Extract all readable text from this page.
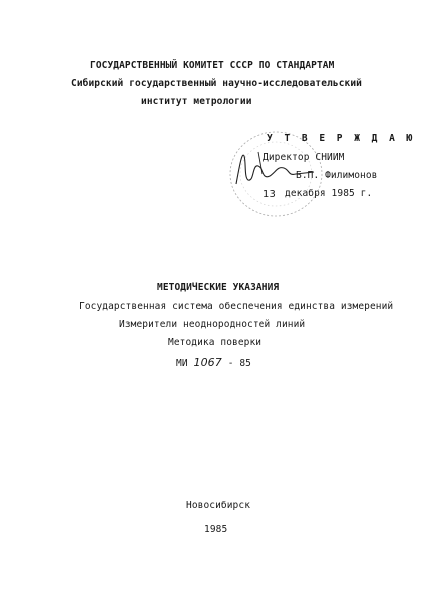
ГОСУДАРСТВЕННЫЙ КОМИТЕТ СССР ПО СТАНДАРТАМ
Сибирский государственный научно-исследовательский
институт метрологии
У Т В Е Р Ж Д А Ю
Директор СНИИМ
Б.П. Филимонов
13 декабря 1985 г.
МЕТОДИЧЕСКИЕ УКАЗАНИЯ
Государственная система обеспечения единства измерений
Измерители неоднородностей линий
Методика поверки
МИ 1067 - 85
Новосибирск
1985
